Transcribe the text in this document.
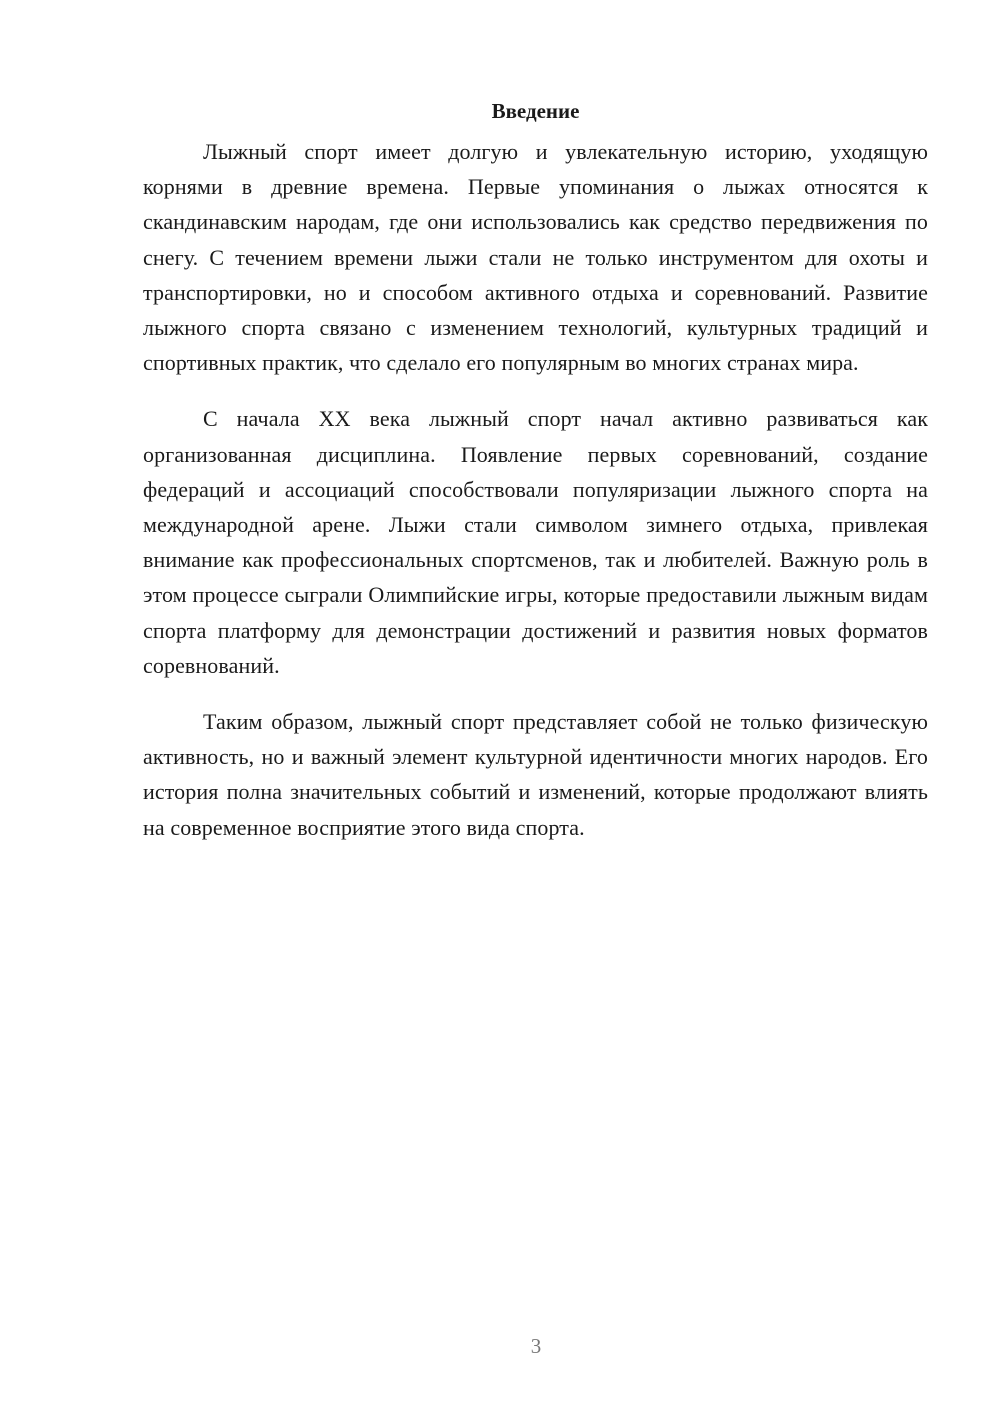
Введение

Лыжный спорт имеет долгую и увлекательную историю, уходящую корнями в древние времена. Первые упоминания о лыжах относятся к скандинавским народам, где они использовались как средство передвижения по снегу. С течением времени лыжи стали не только инструментом для охоты и транспортировки, но и способом активного отдыха и соревнований. Развитие лыжного спорта связано с изменением технологий, культурных традиций и спортивных практик, что сделало его популярным во многих странах мира.

С начала XX века лыжный спорт начал активно развиваться как организованная дисциплина. Появление первых соревнований, создание федераций и ассоциаций способствовали популяризации лыжного спорта на международной арене. Лыжи стали символом зимнего отдыха, привлекая внимание как профессиональных спортсменов, так и любителей. Важную роль в этом процессе сыграли Олимпийские игры, которые предоставили лыжным видам спорта платформу для демонстрации достижений и развития новых форматов соревнований.

Таким образом, лыжный спорт представляет собой не только физическую активность, но и важный элемент культурной идентичности многих народов. Его история полна значительных событий и изменений, которые продолжают влиять на современное восприятие этого вида спорта.

3
